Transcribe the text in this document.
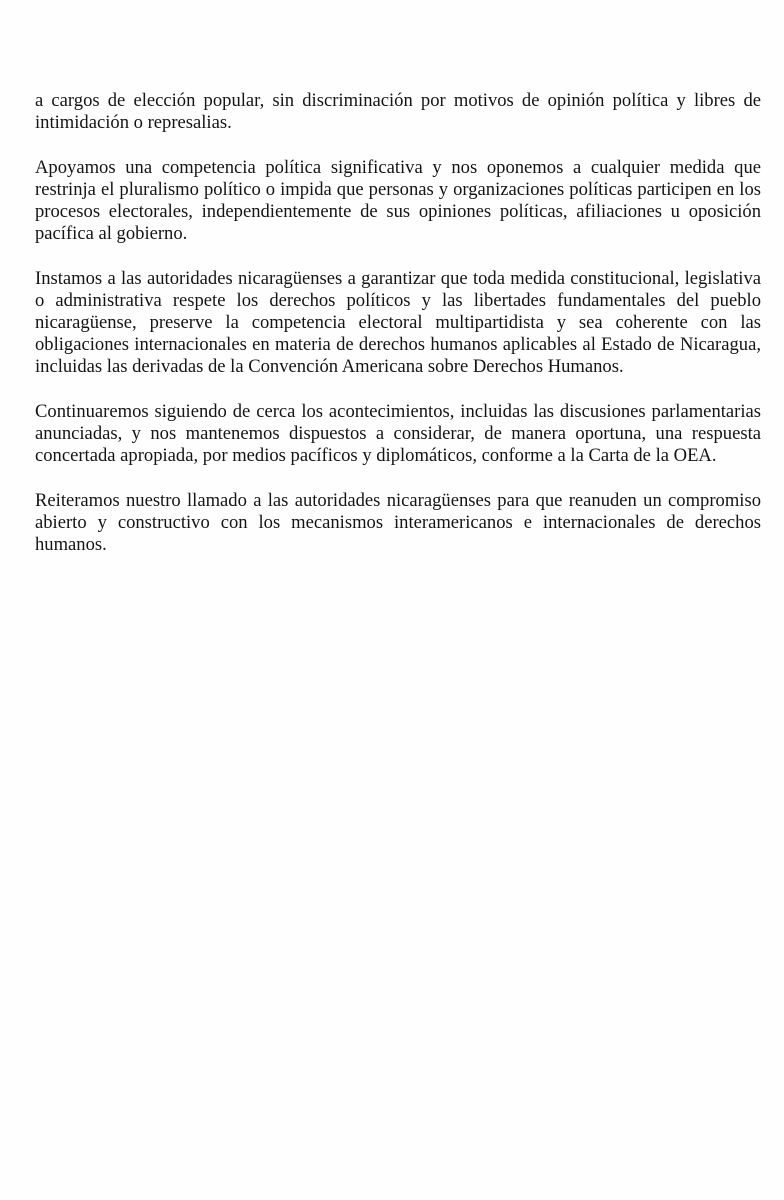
a cargos de elección popular, sin discriminación por motivos de opinión política y libres de intimidación o represalias.

Apoyamos una competencia política significativa y nos oponemos a cualquier medida que restrinja el pluralismo político o impida que personas y organizaciones políticas participen en los procesos electorales, independientemente de sus opiniones políticas, afiliaciones u oposición pacífica al gobierno.

Instamos a las autoridades nicaragüenses a garantizar que toda medida constitucional, legislativa o administrativa respete los derechos políticos y las libertades fundamentales del pueblo nicaragüense, preserve la competencia electoral multipartidista y sea coherente con las obligaciones internacionales en materia de derechos humanos aplicables al Estado de Nicaragua, incluidas las derivadas de la Convención Americana sobre Derechos Humanos.

Continuaremos siguiendo de cerca los acontecimientos, incluidas las discusiones parlamentarias anunciadas, y nos mantenemos dispuestos a considerar, de manera oportuna, una respuesta concertada apropiada, por medios pacíficos y diplomáticos, conforme a la Carta de la OEA.

Reiteramos nuestro llamado a las autoridades nicaragüenses para que reanuden un compromiso abierto y constructivo con los mecanismos interamericanos e internacionales de derechos humanos.
